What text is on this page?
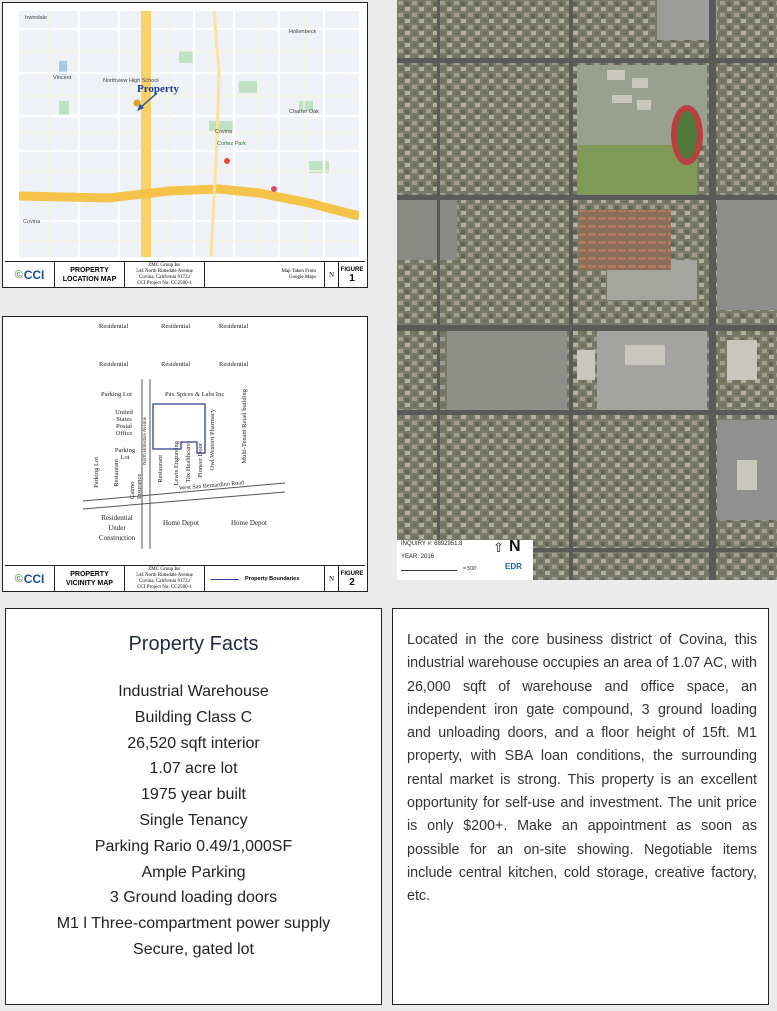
Property
Irwindale
Vincent	Northview High School
Covina
Cortez Park
Charter Oak
Hollenbeck
Covina
© CCI	PROPERTY
LOCATION MAP
ZMC Group Inc
544 North Rimsdale Avenue
Covina, California 91722
CCI Project No: CC2500-1
Map Taken From
Google Maps	N
FIGURE
1
Residential	Residential	Residential
Residential	Residential	Residential
Parking Lot	Pax Spices & Labs Inc
United States Postal Office
Parking Lot	North Rimsdale Avenue
Parking Lot Restaurant
Catmo Insurance
Restaurant Lewis Engraving Tax Healthcare Pioneer Door Owl Western Pharmacy	Multi-Tenant Retail building
West San Bernardino Road
Residential Under Construction
Home Depot	Home Depot
© CCI	PROPERTY
VICINITY MAP
ZMC Group Inc
544 North Rimsdale Avenue
Covina, California 91722
CCI Project No: CC2500-1
Property Boundaries	N
FIGURE
2
INQUIRY #: 6892951.8
YEAR: 2016
= 500'
⇧ N
EDR
Property Facts
Industrial Warehouse
Building Class C
26,520 sqft interior
1.07 acre lot
1975 year built
Single Tenancy
Parking Rario 0.49/1,000SF
Ample Parking
3 Ground loading doors
M1 l Three-compartment power supply
Secure, gated lot

Located in the core business district of Covina, this industrial warehouse occupies an area of 1.07 AC, with 26,000 sqft of warehouse and office space, an independent iron gate compound, 3 ground loading and unloading doors, and a floor height of 15ft. M1 property, with SBA loan conditions, the surrounding rental market is strong. This property is an excellent opportunity for self-use and investment. The unit price is only $200+. Make an appointment as soon as possible for an on-site showing. Negotiable items include central kitchen, cold storage, creative factory, etc.
